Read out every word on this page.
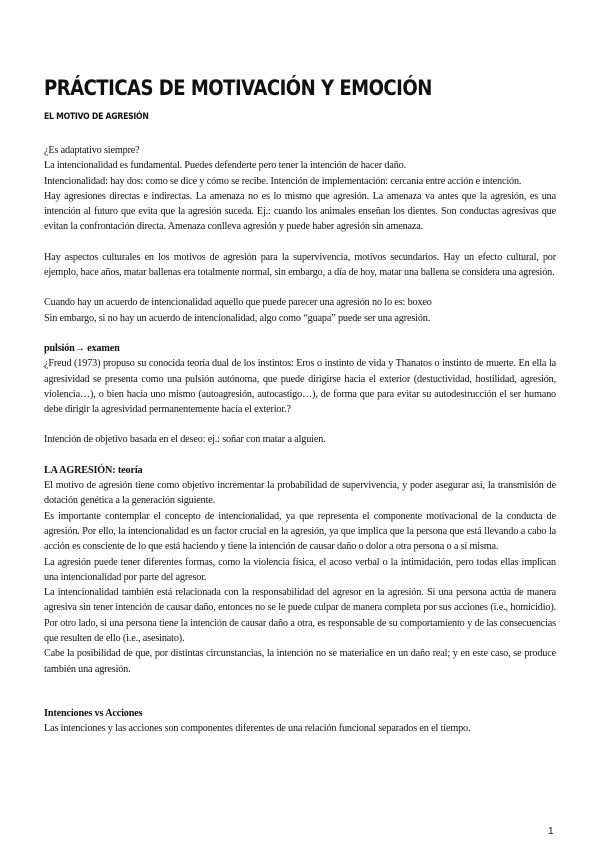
PRÁCTICAS DE MOTIVACIÓN Y EMOCIÓN
EL MOTIVO DE AGRESIÓN

¿Es adaptativo siempre?

La intencionalidad es fundamental. Puedes defenderte pero tener la intención de hacer daño.

Intencionalidad: hay dos: como se dice y cómo se recibe. Intención de implementación: cercanía entre acción e intención.

Hay agresiones directas e indirectas. La amenaza no es lo mismo que agresión. La amenaza va antes que la agresión, es una intención al futuro que evita que la agresión suceda. Ej.: cuando los animales enseñan los dientes. Son conductas agresivas que evitan la confrontación directa. Amenaza conlleva agresión y puede haber agresión sin amenaza.

Hay aspectos culturales en los motivos de agresión para la supervivencia, motivos secundarios. Hay un efecto cultural, por ejemplo, hace años, matar ballenas era totalmente normal, sin embargo, a día de hoy, matar una ballena se considera una agresión.

Cuando hay un acuerdo de intencionalidad aquello que puede parecer una agresión no lo es: boxeo

Sin embargo, si no hay un acuerdo de intencionalidad, algo como “guapa” puede ser una agresión.

pulsión→ examen

¿Freud (1973) propuso su conocida teoría dual de los instintos: Eros o instinto de vida y Thanatos o instinto de muerte. En ella la agresividad se presenta como una pulsión autónoma, que puede dirigirse hacia el exterior (destuctividad, hostilidad, agresión, violencia…), o bien hacia uno mismo (autoagresión, autocastigo…), de forma que para evitar su autodestrucción el ser humano debe dirigir la agresividad permanentemente hacia el exterior.?

Intención de objetivo basada en el deseo: ej.: soñar con matar a alguien.

LA AGRESIÓN: teoría

El motivo de agresión tiene como objetivo incrementar la probabilidad de supervivencia, y poder asegurar así, la transmisión de dotación genética a la generación siguiente.

Es importante contemplar el concepto de intencionalidad, ya que representa el componente motivacional de la conducta de agresión. Por ello, la intencionalidad es un factor crucial en la agresión, ya que implica que la persona que está llevando a cabo la acción es consciente de lo que está haciendo y tiene la intención de causar daño o dolor a otra persona o a sí misma.

La agresión puede tener diferentes formas, como la violencia física, el acoso verbal o la intimidación, pero todas ellas implican una intencionalidad por parte del agresor.

La intencionalidad también está relacionada con la responsabilidad del agresor en la agresión. Si una persona actúa de manera agresiva sin tener intención de causar daño, entonces no se le puede culpar de manera completa por sus acciones (i.e., homicidio). Por otro lado, si una persona tiene la intención de causar daño a otra, es responsable de su comportamiento y de las consecuencias que resulten de ello (i.e., asesinato).

Cabe la posibilidad de que, por distintas circunstancias, la intención no se materialice en un daño real; y en este caso, se produce también una agresión.

Intenciones vs Acciones

Las intenciones y las acciones son componentes diferentes de una relación funcional separados en el tiempo.

1
